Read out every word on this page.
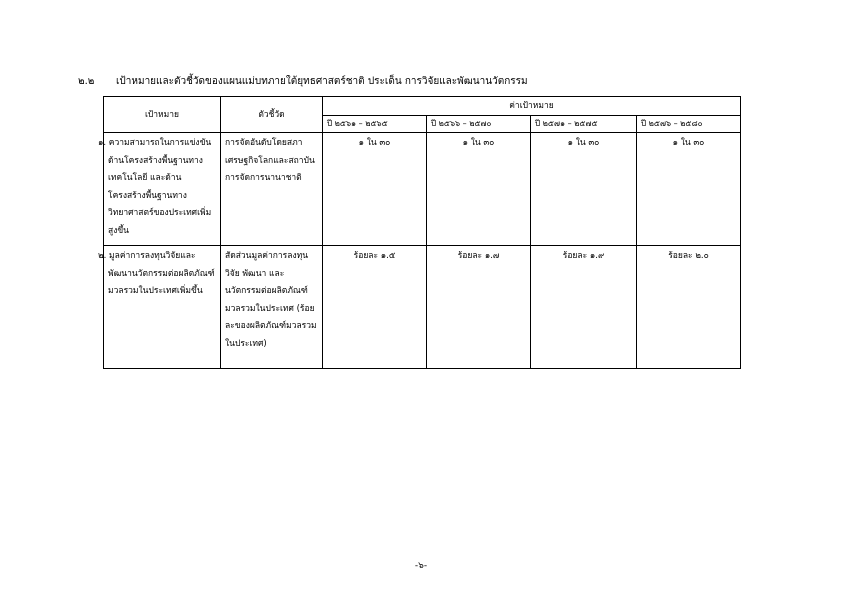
๒.๒ เป้าหมายและตัวชี้วัดของแผนแม่บทภายใต้ยุทธศาสตร์ชาติ ประเด็น การวิจัยและพัฒนานวัตกรรม
เป้าหมาย	ตัวชี้วัด	ค่าเป้าหมาย			
		ปี ๒๕๖๑ – ๒๕๖๕	ปี ๒๕๖๖ – ๒๕๗๐	ปี ๒๕๗๑ – ๒๕๗๕	ปี ๒๕๗๖ – ๒๕๘๐
๑. ความสามารถในการแข่งขันด้านโครงสร้างพื้นฐานทางเทคโนโลยี และด้านโครงสร้างพื้นฐานทางวิทยาศาสตร์ของประเทศเพิ่มสูงขึ้น	การจัดอันดับโดยสภาเศรษฐกิจโลกและสถาบันการจัดการนานาชาติ	๑ ใน ๓๐	๑ ใน ๓๐	๑ ใน ๓๐	๑ ใน ๓๐
๒. มูลค่าการลงทุนวิจัยและพัฒนานวัตกรรมต่อผลิตภัณฑ์มวลรวมในประเทศเพิ่มขึ้น	สัดส่วนมูลค่าการลงทุนวิจัย พัฒนา และนวัตกรรมต่อผลิตภัณฑ์มวลรวมในประเทศ (ร้อยละของผลิตภัณฑ์มวลรวมในประเทศ)	ร้อยละ ๑.๕	ร้อยละ ๑.๗	ร้อยละ ๑.๙	ร้อยละ ๒.๐
-๖-
